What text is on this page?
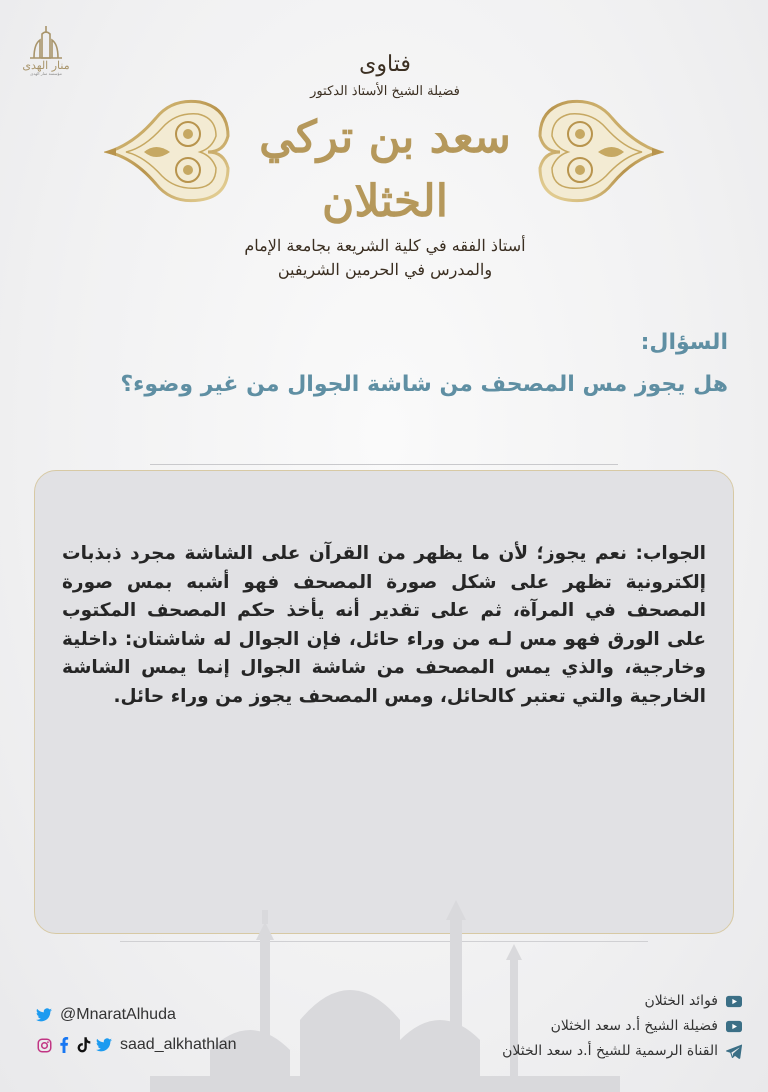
منار الهدى
مؤسسة منار الهدى	فتاوى
فضيلة الشيخ الأستاذ الدكتور
سعد بن تركي الخثلان
أستاذ الفقه في كلية الشريعة بجامعة الإمام
والمدرس في الحرمين الشريفين
السؤال:
هل يجوز مس المصحف من شاشة الجوال من غير وضوء؟
الجواب: نعم يجوز؛ لأن ما يظهر من القرآن على الشاشة مجرد ذبذبات إلكترونية تظهر على شكل صورة المصحف فهو أشبه بمس صورة المصحف في المرآة، ثم على تقدير أنه يأخذ حكم المصحف المكتوب على الورق فهو مس لـه من وراء حائل، فإن الجوال له شاشتان: داخلية وخارجية، والذي يمس المصحف من شاشة الجوال إنما يمس الشاشة الخارجية والتي تعتبر كالحائل، ومس المصحف يجوز من وراء حائل.
@MnaratAlhuda
saad_alkhathlan
فوائد الخثلان
فضيلة الشيخ أ.د سعد الخثلان
القناة الرسمية للشيخ أ.د سعد الخثلان
